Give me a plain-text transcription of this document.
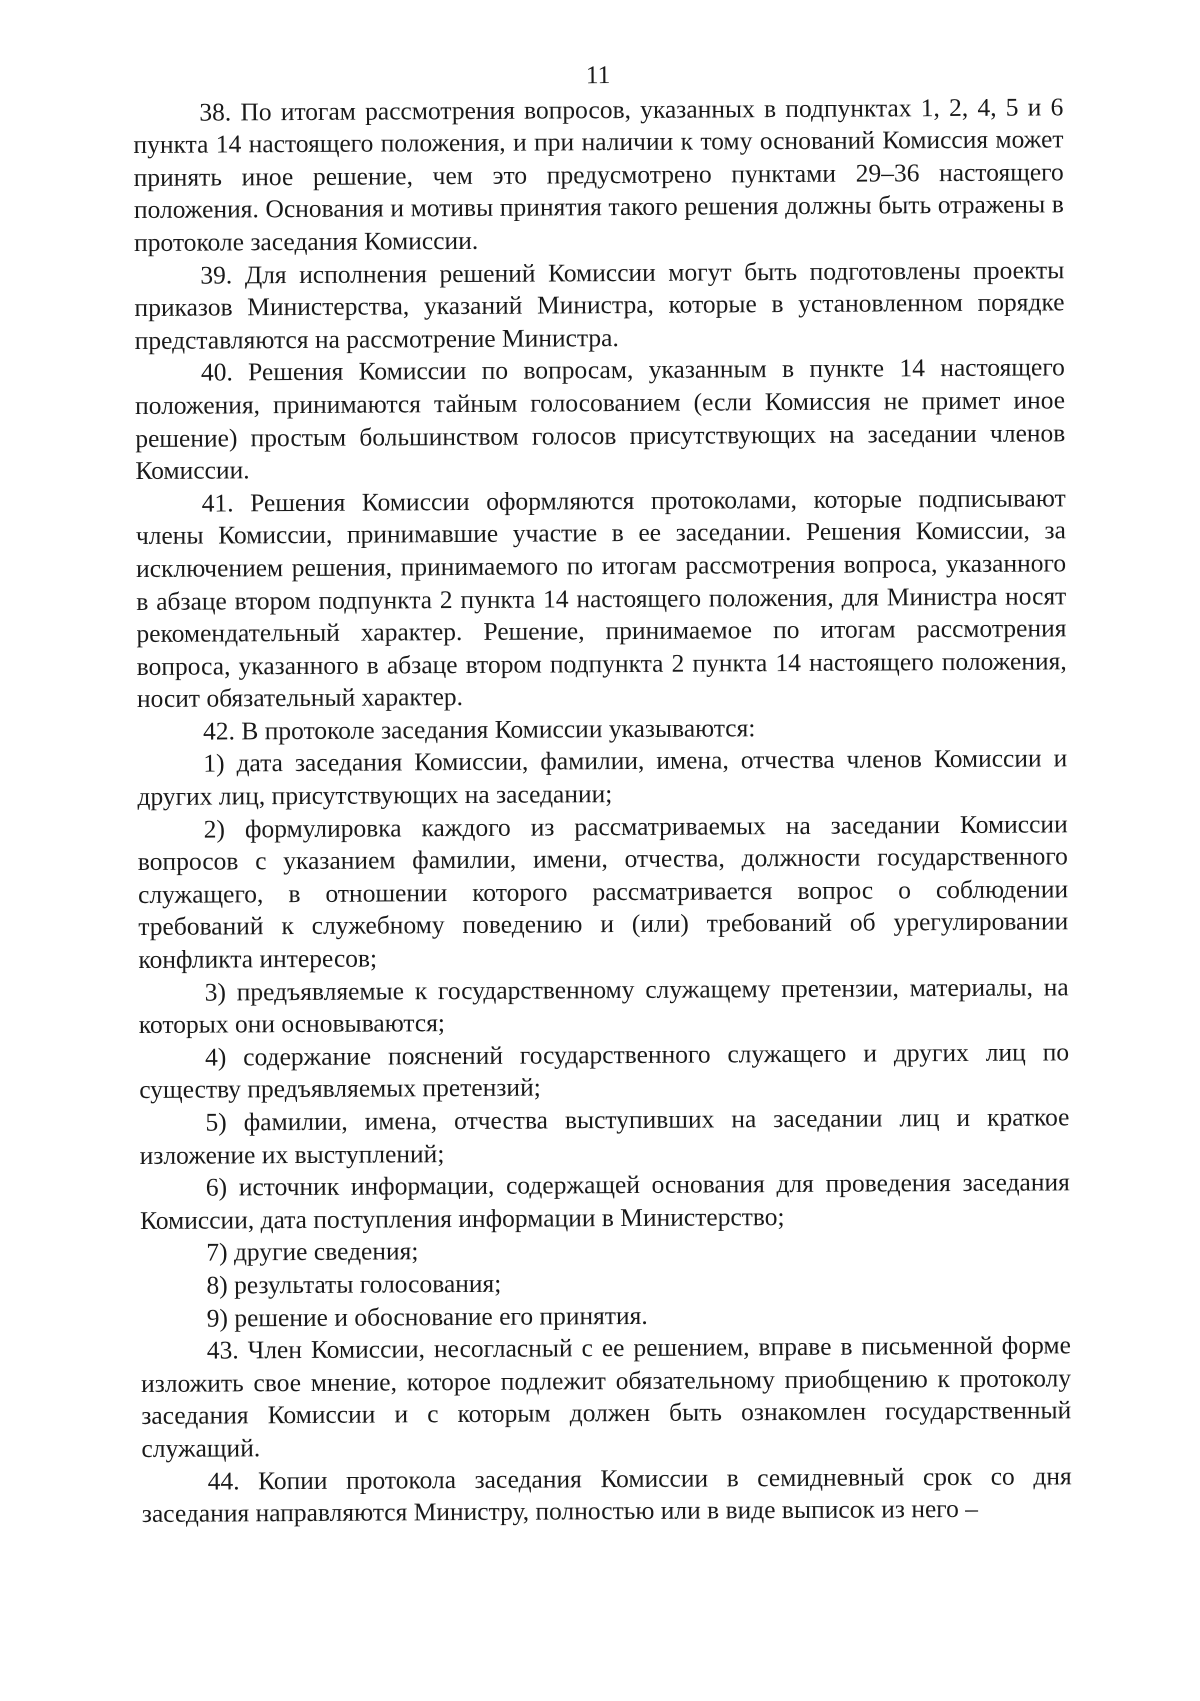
11

38. По итогам рассмотрения вопросов, указанных в подпунктах 1, 2, 4, 5 и 6 пункта 14 настоящего положения, и при наличии к тому оснований Комиссия может принять иное решение, чем это предусмотрено пунктами 29–36 настоящего положения. Основания и мотивы принятия такого решения должны быть отражены в протоколе заседания Комиссии.

39. Для исполнения решений Комиссии могут быть подготовлены проекты приказов Министерства, указаний Министра, которые в установленном порядке представляются на рассмотрение Министра.

40. Решения Комиссии по вопросам, указанным в пункте 14 настоящего положения, принимаются тайным голосованием (если Комиссия не примет иное решение) простым большинством голосов присутствующих на заседании членов Комиссии.

41. Решения Комиссии оформляются протоколами, которые подписывают члены Комиссии, принимавшие участие в ее заседании. Решения Комиссии, за исключением решения, принимаемого по итогам рассмотрения вопроса, указанного в абзаце втором подпункта 2 пункта 14 настоящего положения, для Министра носят рекомендательный характер. Решение, принимаемое по итогам рассмотрения вопроса, указанного в абзаце втором подпункта 2 пункта 14 настоящего положения, носит обязательный характер.

42. В протоколе заседания Комиссии указываются:

1) дата заседания Комиссии, фамилии, имена, отчества членов Комиссии и других лиц, присутствующих на заседании;

2) формулировка каждого из рассматриваемых на заседании Комиссии вопросов с указанием фамилии, имени, отчества, должности государственного служащего, в отношении которого рассматривается вопрос о соблюдении требований к служебному поведению и (или) требований об урегулировании конфликта интересов;

3) предъявляемые к государственному служащему претензии, материалы, на которых они основываются;

4) содержание пояснений государственного служащего и других лиц по существу предъявляемых претензий;

5) фамилии, имена, отчества выступивших на заседании лиц и краткое изложение их выступлений;

6) источник информации, содержащей основания для проведения заседания Комиссии, дата поступления информации в Министерство;

7) другие сведения;

8) результаты голосования;

9) решение и обоснование его принятия.

43. Член Комиссии, несогласный с ее решением, вправе в письменной форме изложить свое мнение, которое подлежит обязательному приобщению к протоколу заседания Комиссии и с которым должен быть ознакомлен государственный служащий.

44. Копии протокола заседания Комиссии в семидневный срок со дня заседания направляются Министру, полностью или в виде выписок из него –
